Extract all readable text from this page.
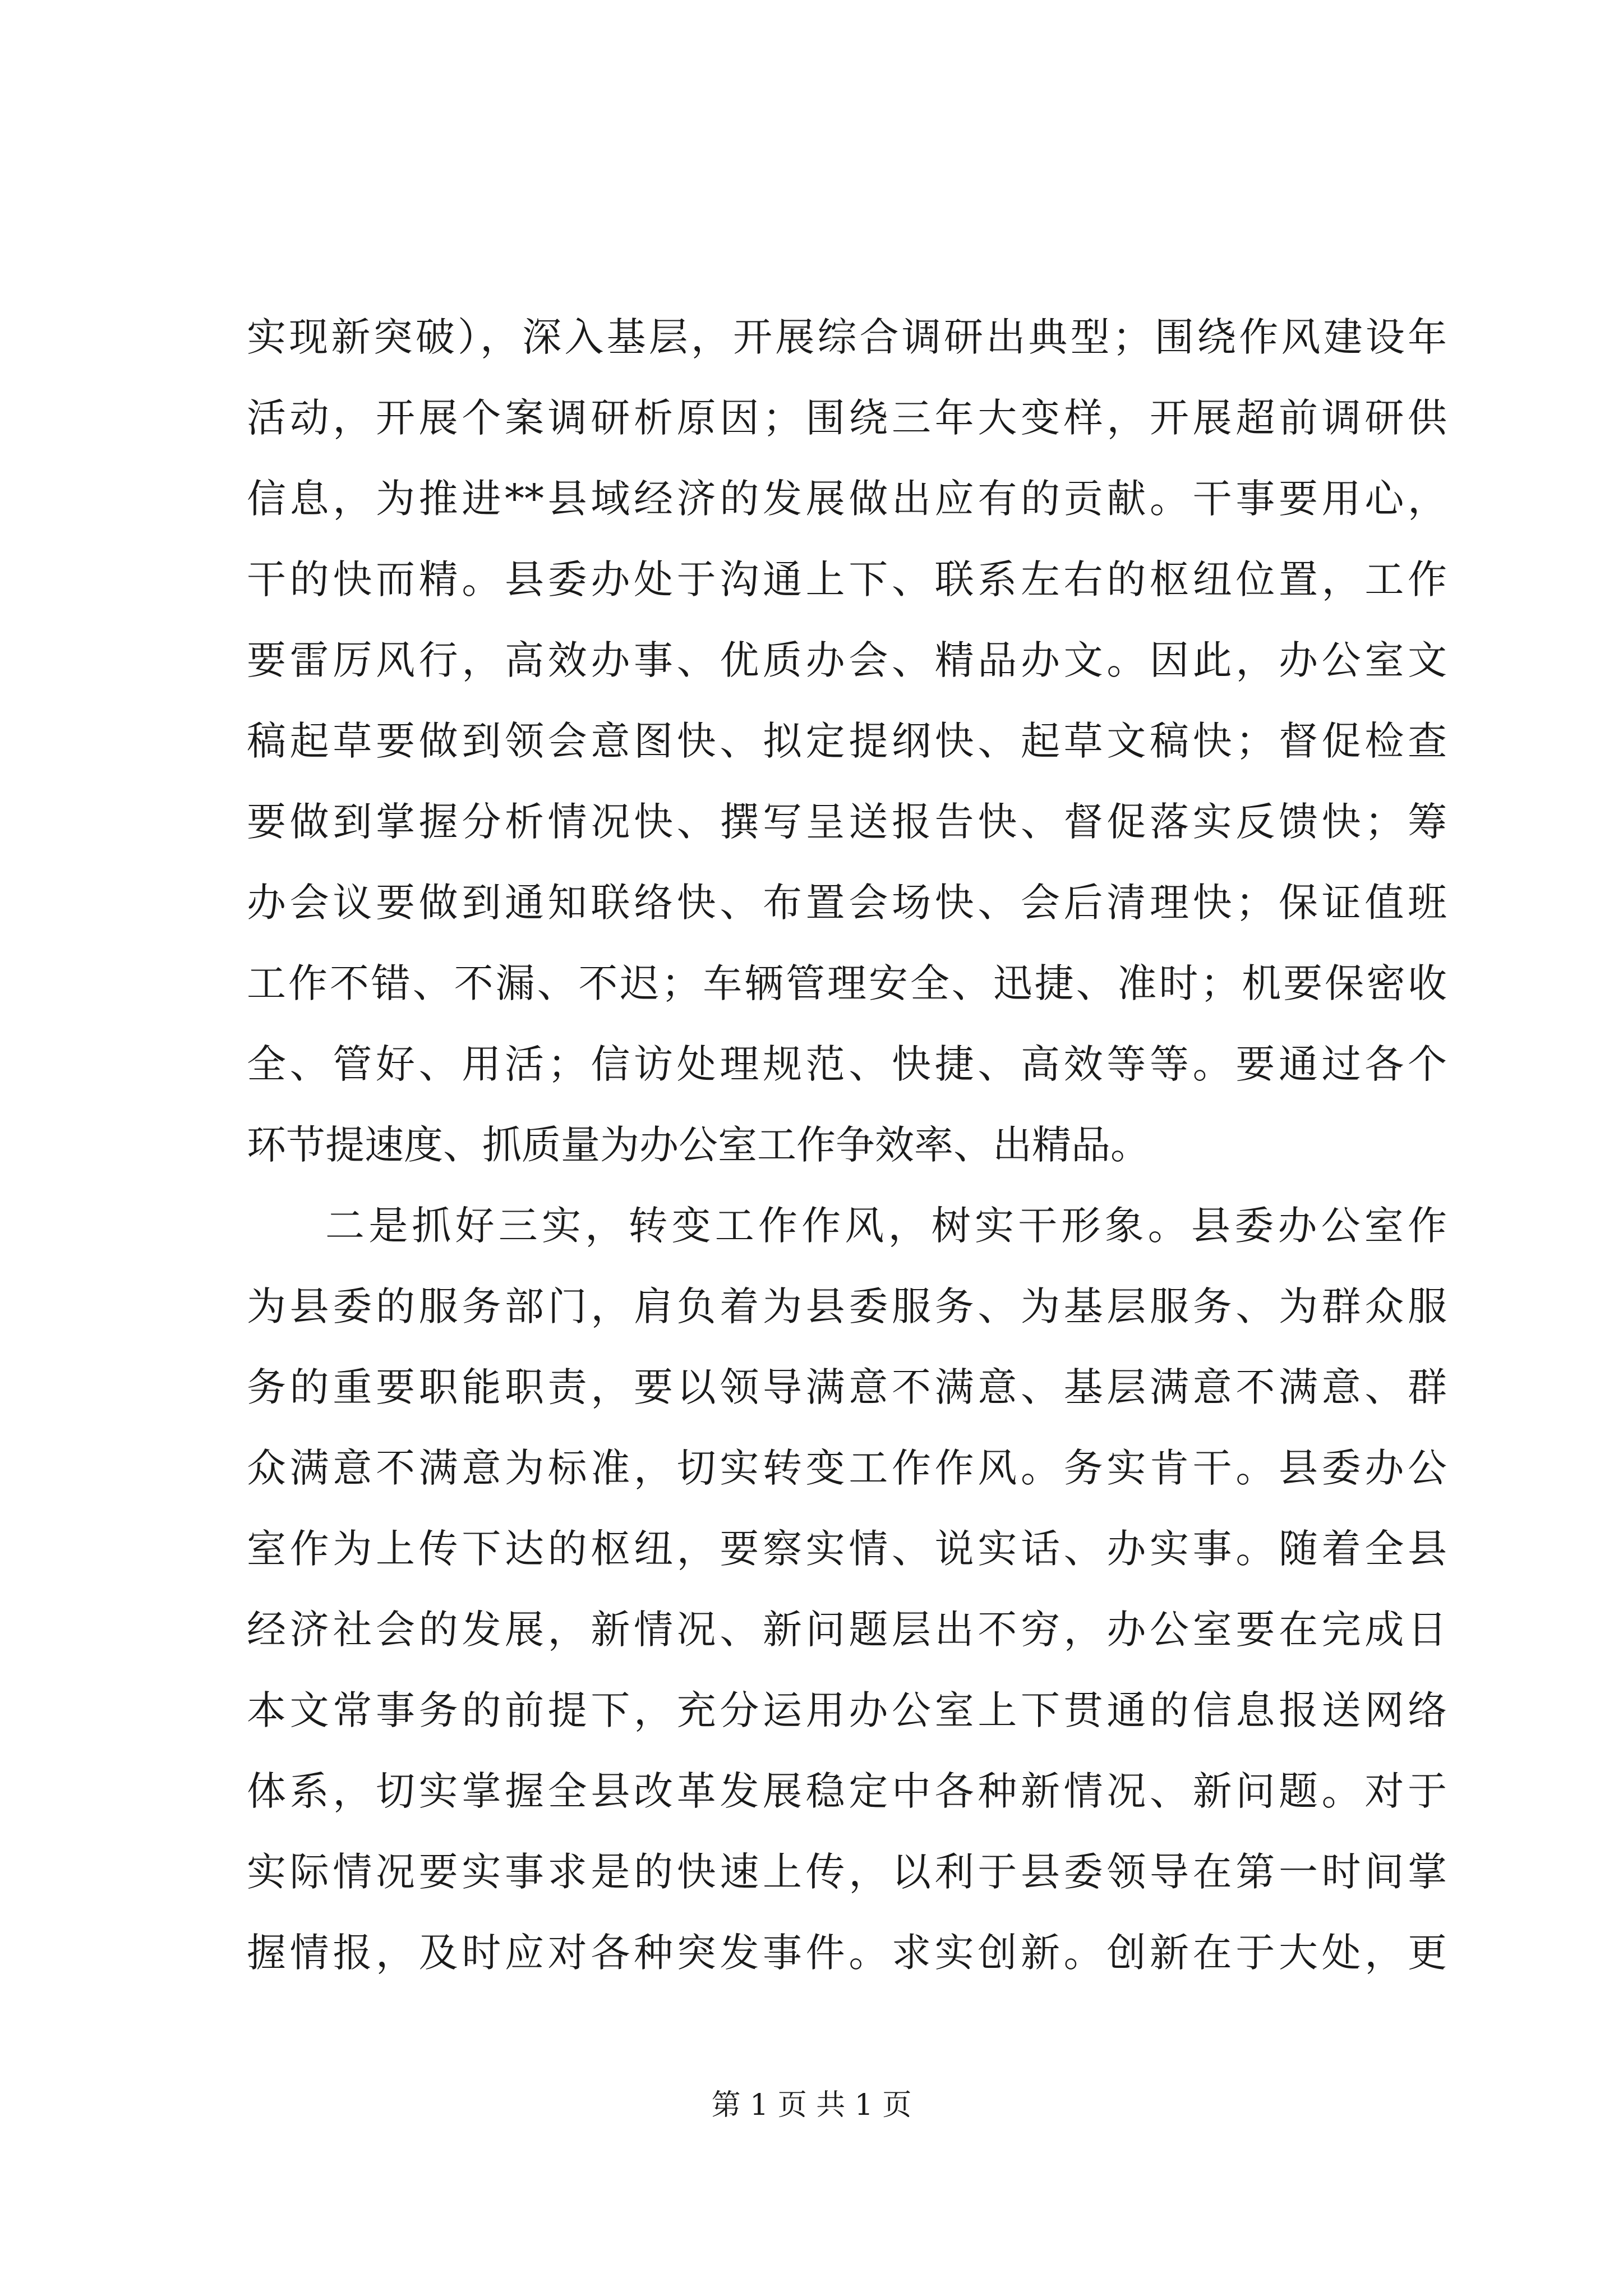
实现新突破），深入基层，开展综合调研出典型；围绕作风建设年
活动，开展个案调研析原因；围绕三年大变样，开展超前调研供
信息，为推进**县域经济的发展做出应有的贡献。干事要用心，
干的快而精。县委办处于沟通上下、联系左右的枢纽位置，工作
要雷厉风行，高效办事、优质办会、精品办文。因此，办公室文
稿起草要做到领会意图快、拟定提纲快、起草文稿快；督促检查
要做到掌握分析情况快、撰写呈送报告快、督促落实反馈快；筹
办会议要做到通知联络快、布置会场快、会后清理快；保证值班
工作不错、不漏、不迟；车辆管理安全、迅捷、准时；机要保密收
全、管好、用活；信访处理规范、快捷、高效等等。要通过各个
环节提速度、抓质量为办公室工作争效率、出精品。
二是抓好三实，转变工作作风，树实干形象。县委办公室作
为县委的服务部门，肩负着为县委服务、为基层服务、为群众服
务的重要职能职责，要以领导满意不满意、基层满意不满意、群
众满意不满意为标准，切实转变工作作风。务实肯干。县委办公
室作为上传下达的枢纽，要察实情、说实话、办实事。随着全县
经济社会的发展，新情况、新问题层出不穷，办公室要在完成日
本文常事务的前提下，充分运用办公室上下贯通的信息报送网络
体系，切实掌握全县改革发展稳定中各种新情况、新问题。对于
实际情况要实事求是的快速上传，以利于县委领导在第一时间掌
握情报，及时应对各种突发事件。求实创新。创新在于大处，更
第 1 页 共 1 页
